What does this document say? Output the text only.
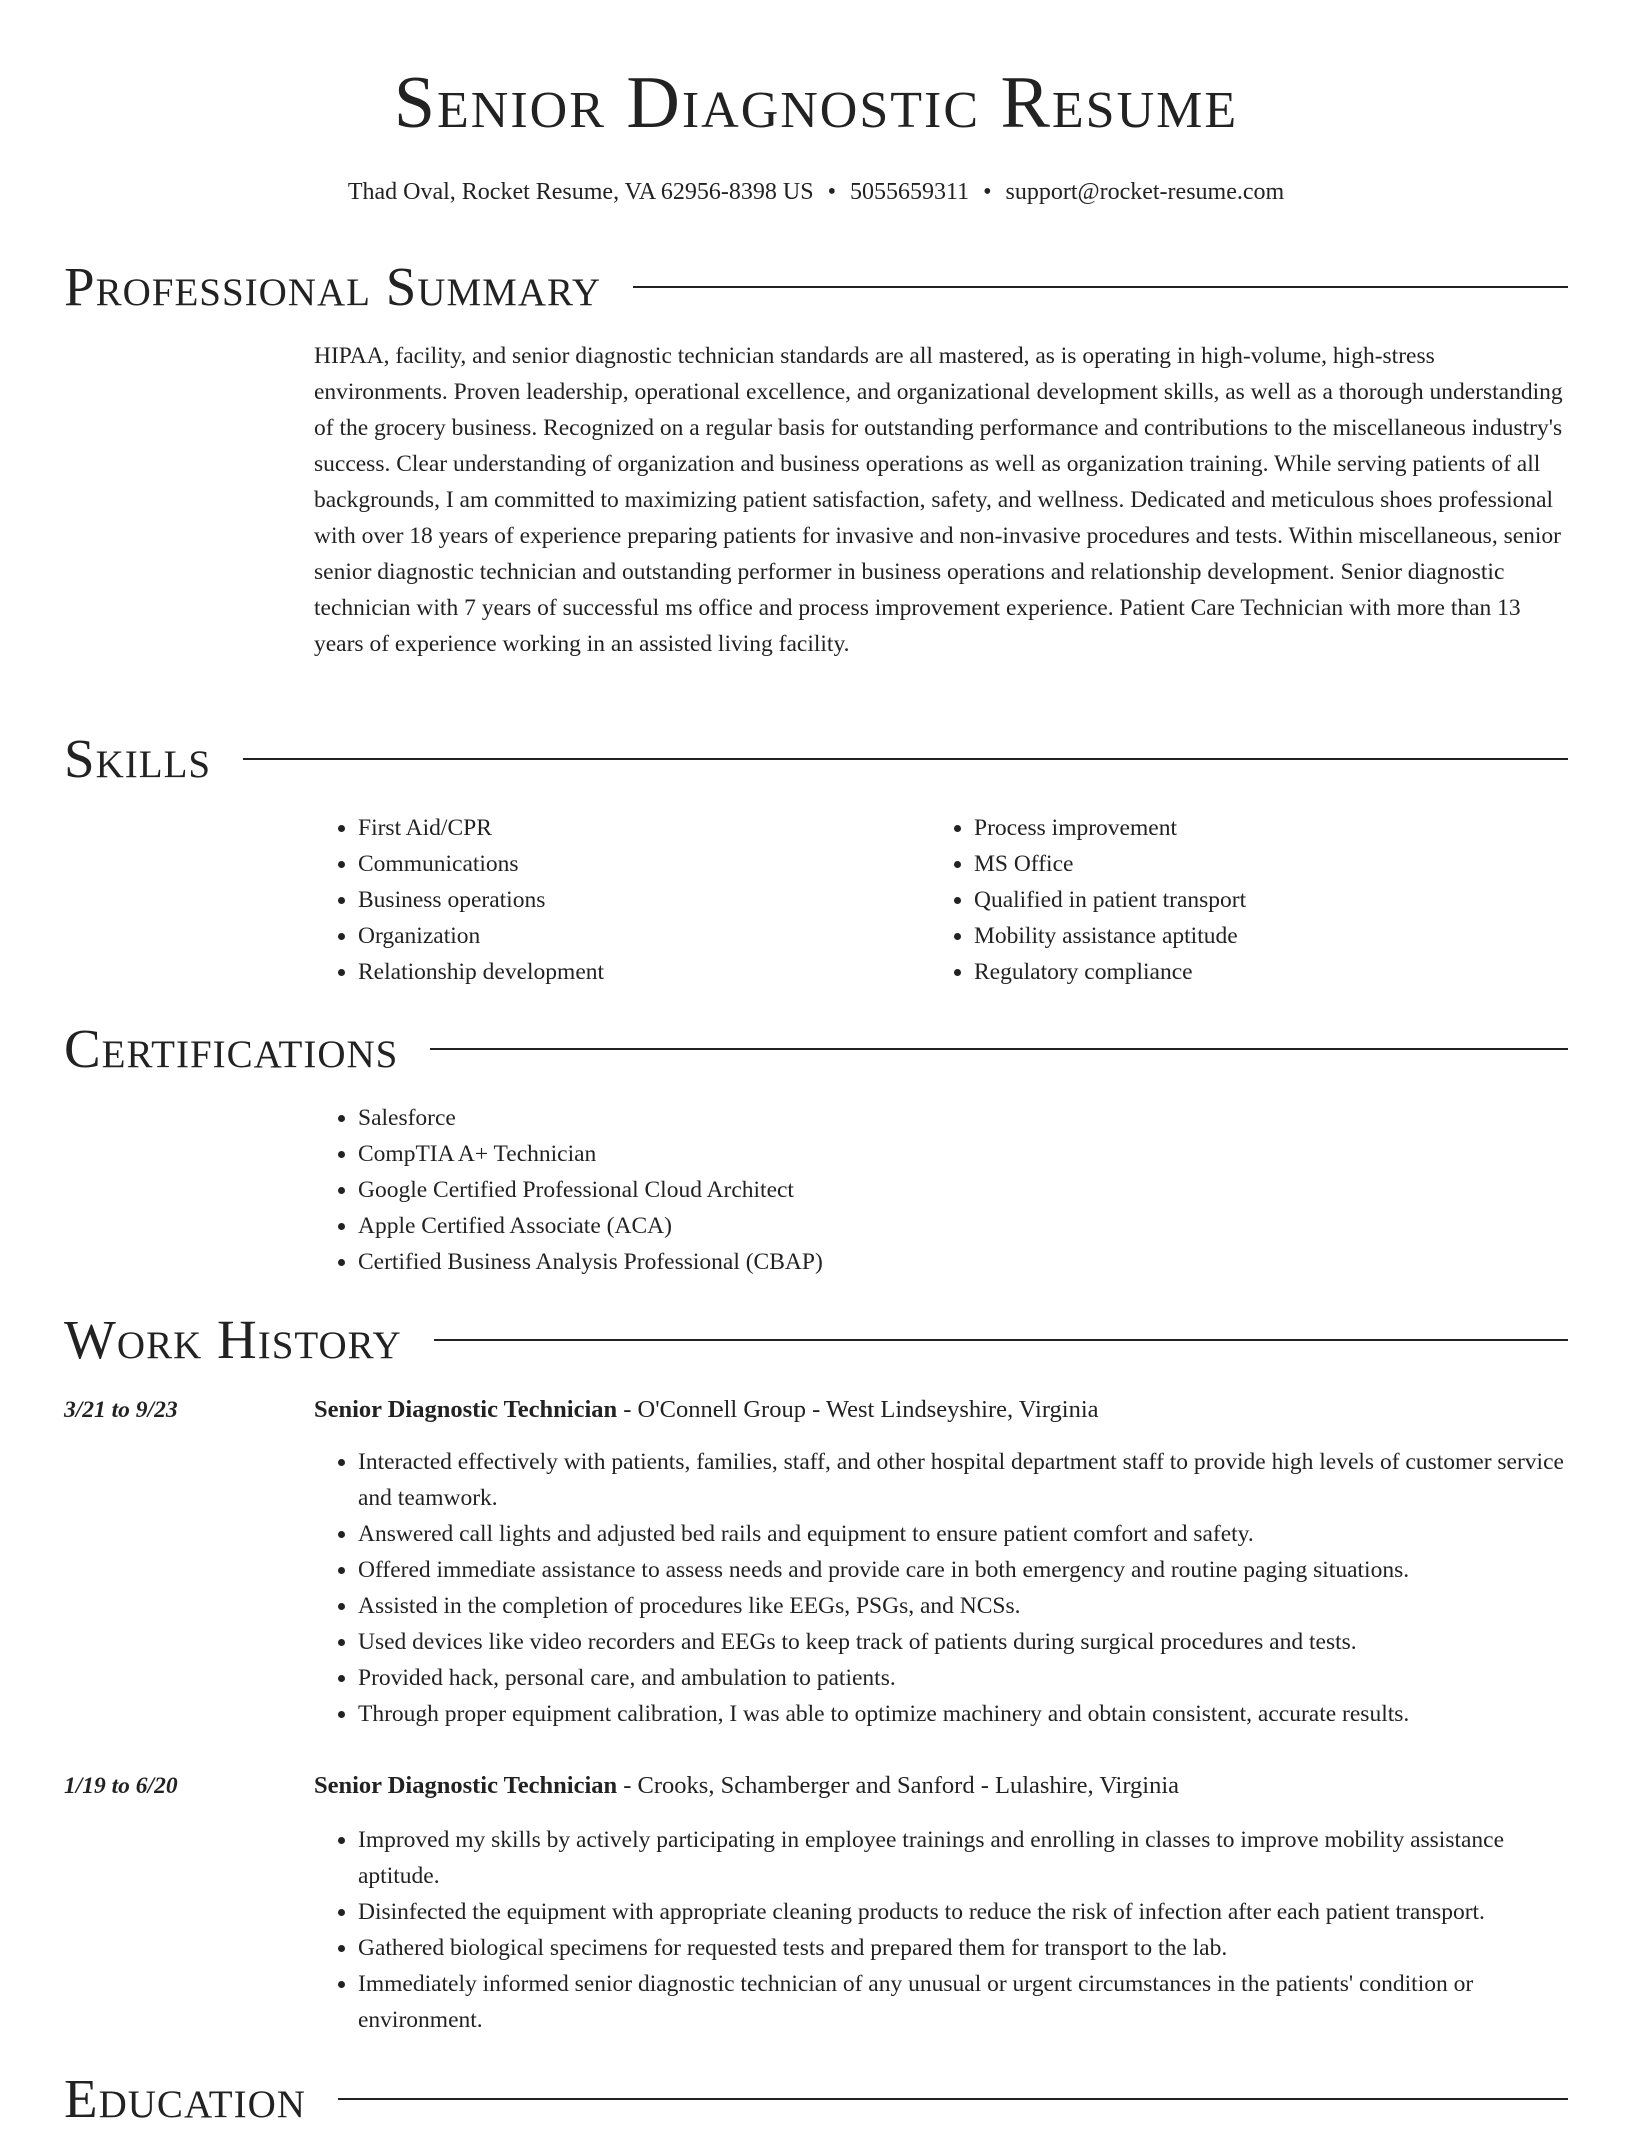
Senior Diagnostic Resume
Thad Oval, Rocket Resume, VA 62956-8398 US • 5055659311 • support@rocket-resume.com
Professional Summary
HIPAA, facility, and senior diagnostic technician standards are all mastered, as is operating in high-volume, high-stress environments. Proven leadership, operational excellence, and organizational development skills, as well as a thorough understanding of the grocery business. Recognized on a regular basis for outstanding performance and contributions to the miscellaneous industry's success. Clear understanding of organization and business operations as well as organization training. While serving patients of all backgrounds, I am committed to maximizing patient satisfaction, safety, and wellness. Dedicated and meticulous shoes professional with over 18 years of experience preparing patients for invasive and non-invasive procedures and tests. Within miscellaneous, senior senior diagnostic technician and outstanding performer in business operations and relationship development. Senior diagnostic technician with 7 years of successful ms office and process improvement experience. Patient Care Technician with more than 13 years of experience working in an assisted living facility.
Skills
• First Aid/CPR
• Communications
• Business operations
• Organization
• Relationship development
• Process improvement
• MS Office
• Qualified in patient transport
• Mobility assistance aptitude
• Regulatory compliance
Certifications
• Salesforce
• CompTIA A+ Technician
• Google Certified Professional Cloud Architect
• Apple Certified Associate (ACA)
• Certified Business Analysis Professional (CBAP)
Work History
3/21 to 9/23	Senior Diagnostic Technician - O'Connell Group - West Lindseyshire, Virginia
• Interacted effectively with patients, families, staff, and other hospital department staff to provide high levels of customer service and teamwork.
• Answered call lights and adjusted bed rails and equipment to ensure patient comfort and safety.
• Offered immediate assistance to assess needs and provide care in both emergency and routine paging situations.
• Assisted in the completion of procedures like EEGs, PSGs, and NCSs.
• Used devices like video recorders and EEGs to keep track of patients during surgical procedures and tests.
• Provided hack, personal care, and ambulation to patients.
• Through proper equipment calibration, I was able to optimize machinery and obtain consistent, accurate results.
1/19 to 6/20	Senior Diagnostic Technician - Crooks, Schamberger and Sanford - Lulashire, Virginia
• Improved my skills by actively participating in employee trainings and enrolling in classes to improve mobility assistance aptitude.
• Disinfected the equipment with appropriate cleaning products to reduce the risk of infection after each patient transport.
• Gathered biological specimens for requested tests and prepared them for transport to the lab.
• Immediately informed senior diagnostic technician of any unusual or urgent circumstances in the patients' condition or environment.
Education
